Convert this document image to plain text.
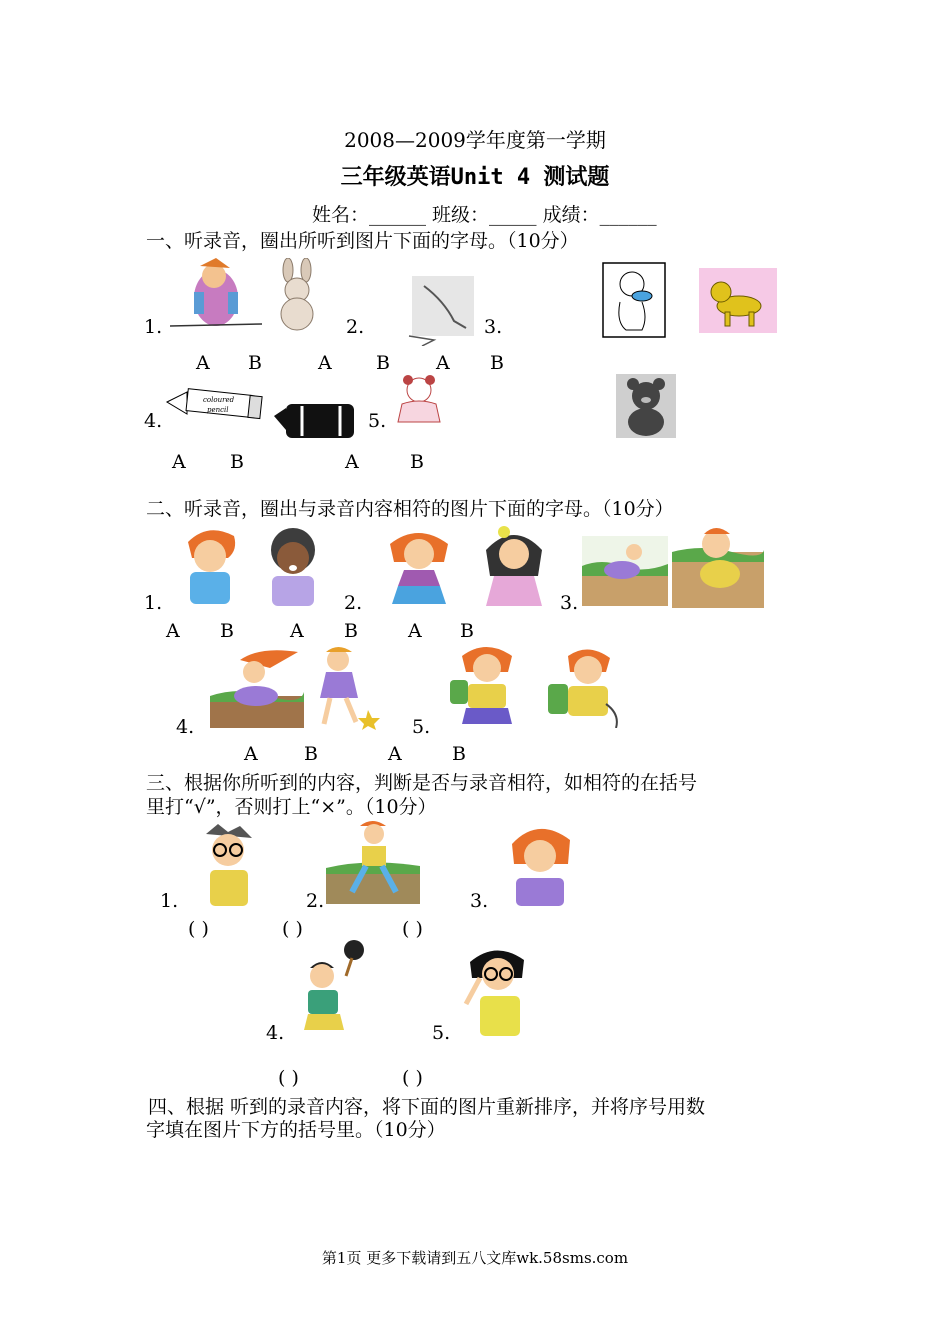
2008—2009学年度第一学期
三年级英语Unit 4 测试题
姓名：______ 班级：_____ 成绩：______
一、听录音，圈出所听到图片下面的字母。（10分）
1.	2.	3.
A B	A B A B
4.
coloured
pencil	5.
A B	A	B
二、听录音，圈出与录音内容相符的图片下面的字母。（10分）
1.	2.	3.
A B	A B	A B
4.	5.
A B	A	B
三、根据你所听到的内容，判断是否与录音相符，如相符的在括号
里打“√”，否则打上“×”。（10分）
1.	2.	3.
( )	( )	( )
4.	5.
( )	( )
四、根据 听到的录音内容，将下面的图片重新排序，并将序号用数
字填在图片下方的括号里。（10分）
第1页 更多下载请到五八文库wk.58sms.com
